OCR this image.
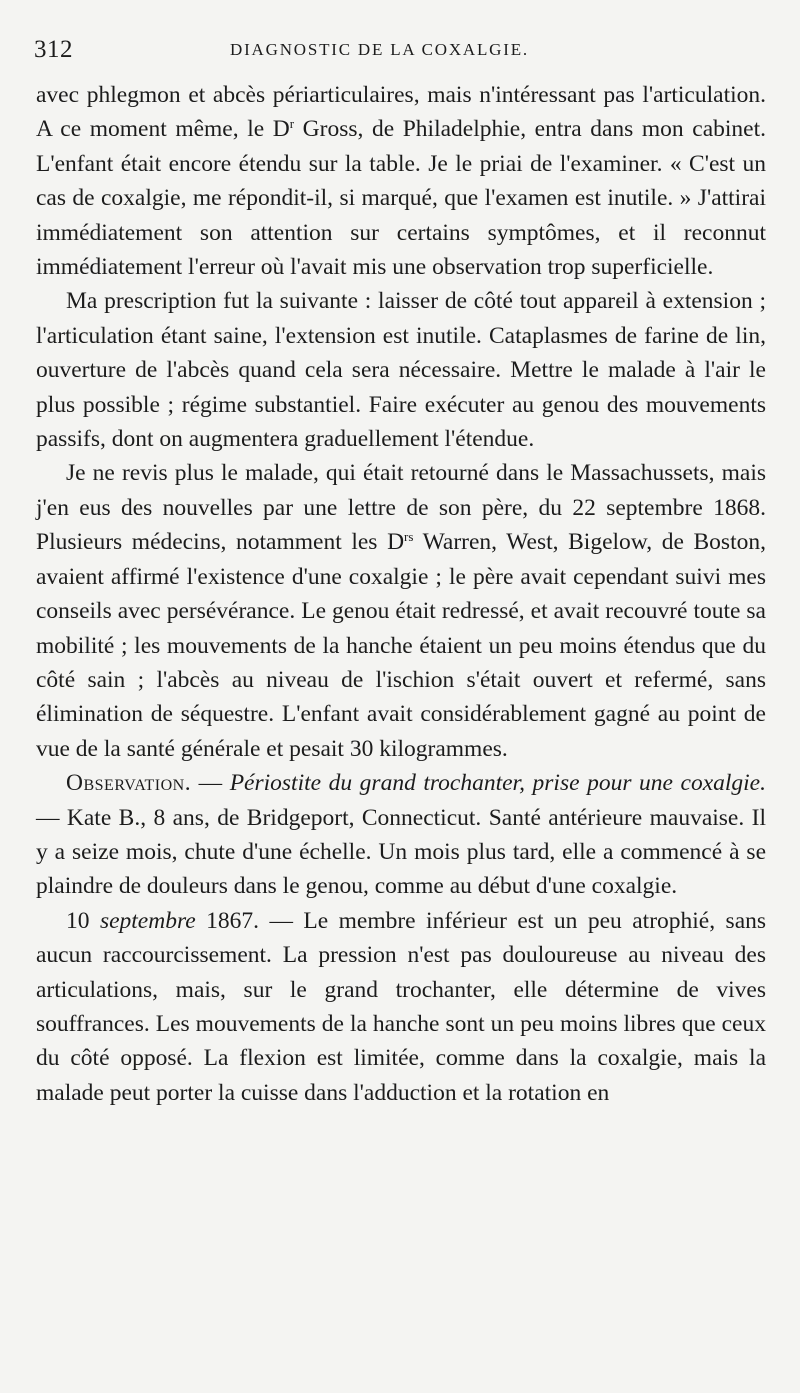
312	DIAGNOSTIC DE LA COXALGIE.

avec phlegmon et abcès périarticulaires, mais n'intéressant pas l'articulation. A ce moment même, le $D^r$ Gross, de Philadelphie, entra dans mon cabinet. L'enfant était encore étendu sur la table. Je le priai de l'examiner. « C'est un cas de coxalgie, me répondit-il, si marqué, que l'examen est inutile. » J'attirai immédiatement son attention sur certains symptômes, et il reconnut immédiatement l'erreur où l'avait mis une observation trop superficielle.

Ma prescription fut la suivante : laisser de côté tout appareil à extension ; l'articulation étant saine, l'extension est inutile. Cataplasmes de farine de lin, ouverture de l'abcès quand cela sera nécessaire. Mettre le malade à l'air le plus possible ; régime substantiel. Faire exécuter au genou des mouvements passifs, dont on augmentera graduellement l'étendue.

Je ne revis plus le malade, qui était retourné dans le Massachussets, mais j'en eus des nouvelles par une lettre de son père, du 22 septembre 1868. Plusieurs médecins, notamment les $D^{rs}$ Warren, West, Bigelow, de Boston, avaient affirmé l'existence d'une coxalgie ; le père avait cependant suivi mes conseils avec persévérance. Le genou était redressé, et avait recouvré toute sa mobilité ; les mouvements de la hanche étaient un peu moins étendus que du côté sain ; l'abcès au niveau de l'ischion s'était ouvert et refermé, sans élimination de séquestre. L'enfant avait considérablement gagné au point de vue de la santé générale et pesait 30 kilogrammes.

Observation. — Périostite du grand trochanter, prise pour une coxalgie. — Kate B., 8 ans, de Bridgeport, Connecticut. Santé antérieure mauvaise. Il y a seize mois, chute d'une échelle. Un mois plus tard, elle a commencé à se plaindre de douleurs dans le genou, comme au début d'une coxalgie.

10 septembre 1867. — Le membre inférieur est un peu atrophié, sans aucun raccourcissement. La pression n'est pas douloureuse au niveau des articulations, mais, sur le grand trochanter, elle détermine de vives souffrances. Les mouvements de la hanche sont un peu moins libres que ceux du côté opposé. La flexion est limitée, comme dans la coxalgie, mais la malade peut porter la cuisse dans l'adduction et la rotation en
